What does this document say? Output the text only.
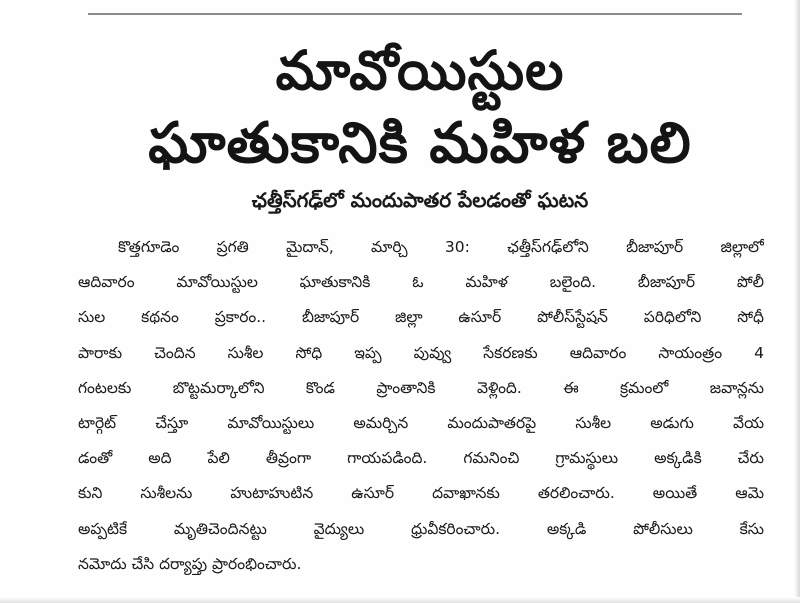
మావోయిస్టుల
ఘాతుకానికి మహిళ బలి
ఛత్తీస్‌గఢ్‌లో మందుపాతర పేలడంతో ఘటన
కొత్తగూడెం ప్రగతి మైదాన్, మార్చి 30: ఛత్తీస్‌గఢ్‌లోని బీజాపూర్ జిల్లాలో
ఆదివారం మావోయిస్టుల ఘాతుకానికి ఓ మహిళ బలైంది. బీజాపూర్ పోలీ
సుల కథనం ప్రకారం.. బీజాపూర్ జిల్లా ఉసూర్ పోలీస్‌స్టేషన్ పరిధిలోని సోధీ
పారాకు చెందిన సుశీల సోధి ఇప్ప పువ్వు సేకరణకు ఆదివారం సాయంత్రం 4
గంటలకు బొట్టమర్కాలోని కొండ ప్రాంతానికి వెళ్లింది. ఈ క్రమంలో జవాన్లను
టార్గెట్ చేస్తూ మావోయిస్టులు అమర్చిన మందుపాతరపై సుశీల అడుగు వేయ
డంతో అది పేలి తీవ్రంగా గాయపడింది. గమనించి గ్రామస్థులు అక్కడికి చేరు
కుని సుశీలను హుటాహుటిన ఉసూర్ దవాఖానకు తరలించారు. అయితే ఆమె
అప్పటికే మృతిచెందినట్టు వైద్యులు ధ్రువీకరించారు. అక్కడి పోలీసులు కేసు
నమోదు చేసి దర్యాప్తు ప్రారంభించారు.
